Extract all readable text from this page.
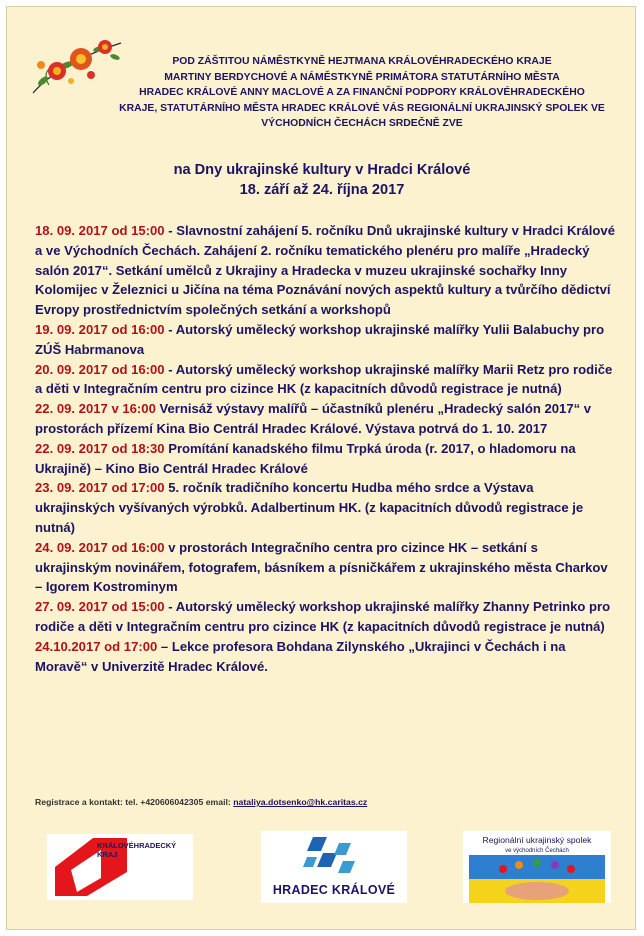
POD ZÁŠTITOU NÁMĚSTKYNĚ HEJTMANA KRÁLOVÉHRADECKÉHO KRAJE
MARTINY BERDYCHOVÉ A NÁMĚSTKYNĚ PRIMÁTORA STATUTÁRNÍHO MĚSTA
HRADEC KRÁLOVÉ ANNY MACLOVÉ A ZA FINANČNÍ PODPORY KRÁLOVÉHRADECKÉHO
KRAJE, STATUTÁRNÍHO MĚSTA HRADEC KRÁLOVÉ VÁS REGIONÁLNÍ UKRAJINSKÝ SPOLEK VE
VÝCHODNÍCH ČECHÁCH SRDEČNĚ ZVE
na Dny ukrajinské kultury v Hradci Králové
18. září až 24. října 2017

18. 09. 2017 od 15:00 - Slavnostní zahájení 5. ročníku Dnů ukrajinské kultury v Hradci Králové a ve Východních Čechách. Zahájení 2. ročníku tematického plenéru pro malíře „Hradecký salón 2017“. Setkání umělců z Ukrajiny a Hradecka v muzeu ukrajinské sochařky Inny Kolomijec v Železnici u Jičína na téma Poznávání nových aspektů kultury a tvůrčího dědictví Evropy prostřednictvím společných setkání a workshopů

19. 09. 2017 od 16:00 - Autorský umělecký workshop ukrajinské malířky Yulii Balabuchy pro ZÚŠ Habrmanova

20. 09. 2017 od 16:00 - Autorský umělecký workshop ukrajinské malířky Marii Retz pro rodiče a děti v Integračním centru pro cizince HK (z kapacitních důvodů registrace je nutná)

22. 09. 2017 v 16:00 Vernisáž výstavy malířů – účastníků plenéru „Hradecký salón 2017“ v prostorách přízemí Kina Bio Centrál Hradec Králové. Výstava potrvá do 1. 10. 2017

22. 09. 2017 od 18:30 Promítání kanadského filmu Trpká úroda (r. 2017, o hladomoru na Ukrajině) – Kino Bio Centrál Hradec Králové

23. 09. 2017 od 17:00 5. ročník tradičního koncertu Hudba mého srdce a Výstava ukrajinských vyšívaných výrobků. Adalbertinum HK. (z kapacitních důvodů registrace je nutná)

24. 09. 2017 od 16:00 v prostorách Integračního centra pro cizince HK – setkání s ukrajinským novinářem, fotografem, básníkem a písničkářem z ukrajinského města Charkov – Igorem Kostrominym

27. 09. 2017 od 15:00 - Autorský umělecký workshop ukrajinské malířky Zhanny Petrinko pro rodiče a děti v Integračním centru pro cizince HK (z kapacitních důvodů registrace je nutná)

24.10.2017 od 17:00 – Lekce profesora Bohdana Zilynského „Ukrajinci v Čechách i na Moravě“ v Univerzitě Hradec Králové.

Registrace a kontakt: tel. +420606042305 email: nataliya.dotsenko@hk.caritas.cz
KRÁLOVÉHRADECKÝ
KRAJ
HRADEC KRÁLOVÉ
Regionální ukrajinský spolek
ve východních Čechách
